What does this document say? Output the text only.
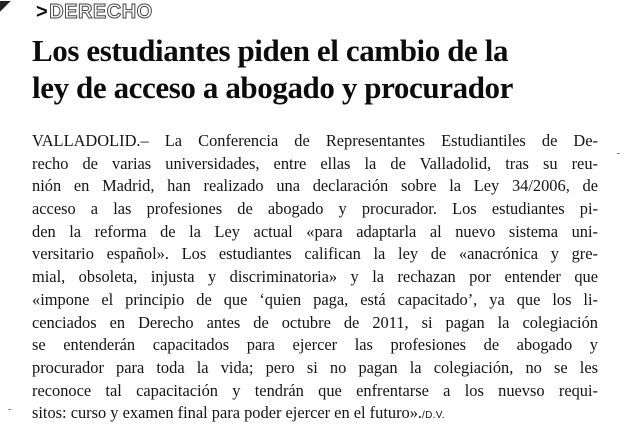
◤
-
-
> DERECHO
Los estudiantes piden el cambio de la
ley de acceso a abogado y procurador
VALLADOLID.– La Conferencia de Representantes Estudiantiles de De-
recho de varias universidades, entre ellas la de Valladolid, tras su reu-
nión en Madrid, han realizado una declaración sobre la Ley 34/2006, de
acceso a las profesiones de abogado y procurador. Los estudiantes pi-
den la reforma de la Ley actual «para adaptarla al nuevo sistema uni-
versitario español». Los estudiantes califican la ley de «anacrónica y gre-
mial, obsoleta, injusta y discriminatoria» y la rechazan por entender que
«impone el principio de que ‘quien paga, está capacitado’, ya que los li-
cenciados en Derecho antes de octubre de 2011, si pagan la colegiación
se entenderán capacitados para ejercer las profesiones de abogado y
procurador para toda la vida; pero si no pagan la colegiación, no se les
reconoce tal capacitación y tendrán que enfrentarse a los nuevso requi-
sitos: curso y examen final para poder ejercer en el futuro»./D.V.
